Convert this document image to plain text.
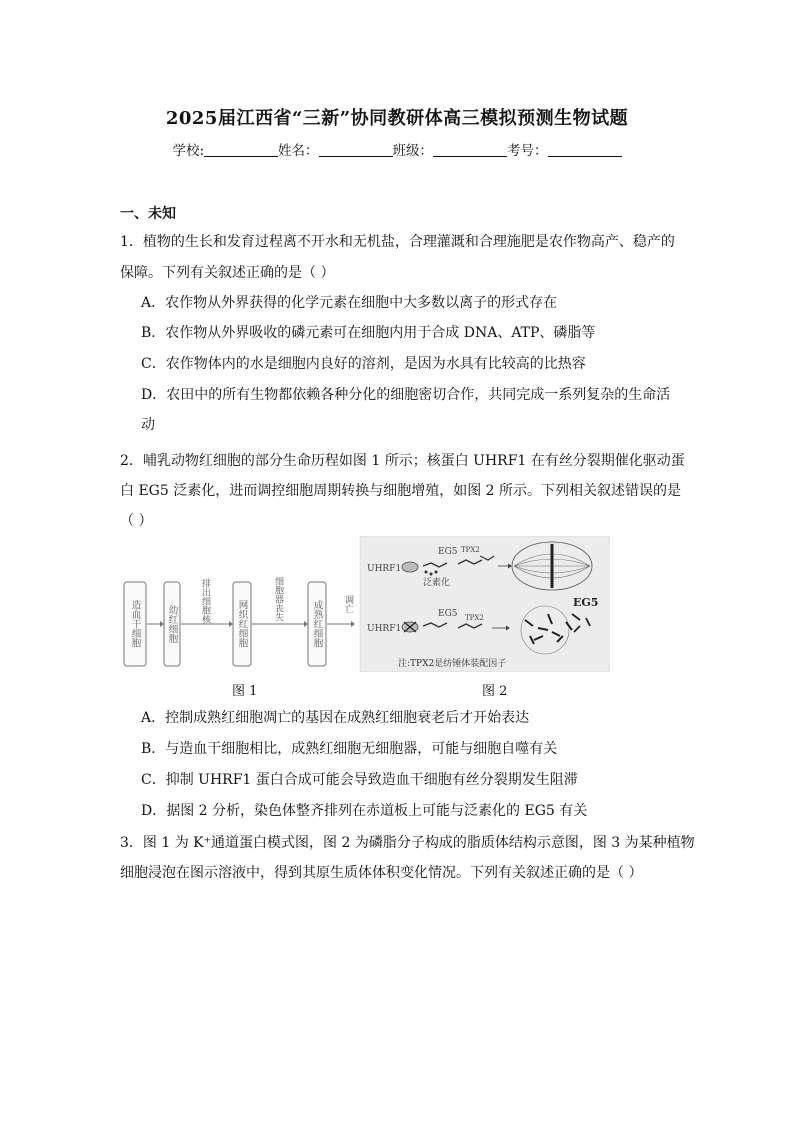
2025届江西省“三新”协同教研体高三模拟预测生物试题
学校:	姓名：	班级：	考号：
一、未知
1．植物的生长和发育过程离不开水和无机盐，合理灌溉和合理施肥是农作物高产、稳产的
保障。下列有关叙述正确的是（ ）
A．农作物从外界获得的化学元素在细胞中大多数以离子的形式存在
B．农作物从外界吸收的磷元素可在细胞内用于合成 DNA、ATP、磷脂等
C．农作物体内的水是细胞内良好的溶剂，是因为水具有比较高的比热容
D．农田中的所有生物都依赖各种分化的细胞密切合作，共同完成一系列复杂的生命活
动
2．哺乳动物红细胞的部分生命历程如图 1 所示；核蛋白 UHRF1 在有丝分裂期催化驱动蛋
白 EG5 泛素化，进而调控细胞周期转换与细胞增殖，如图 2 所示。下列相关叙述错误的是
（ ）
造血干细胞	幼红细胞
排出细胞核	网织红细胞
细胞器丧失
成熟红细胞 凋亡
UHRF1
EG5
泛素化
TPX2
UHRF1
EG5 TPX2
EG5
注:TPX2是纺锤体装配因子
图 1	图 2
A．控制成熟红细胞凋亡的基因在成熟红细胞衰老后才开始表达
B．与造血干细胞相比，成熟红细胞无细胞器，可能与细胞自噬有关
C．抑制 UHRF1 蛋白合成可能会导致造血干细胞有丝分裂期发生阻滞
D．据图 2 分析，染色体整齐排列在赤道板上可能与泛素化的 EG5 有关
3．图 1 为 K⁺通道蛋白模式图，图 2 为磷脂分子构成的脂质体结构示意图，图 3 为某种植物
细胞浸泡在图示溶液中，得到其原生质体体积变化情况。下列有关叙述正确的是（ ）
